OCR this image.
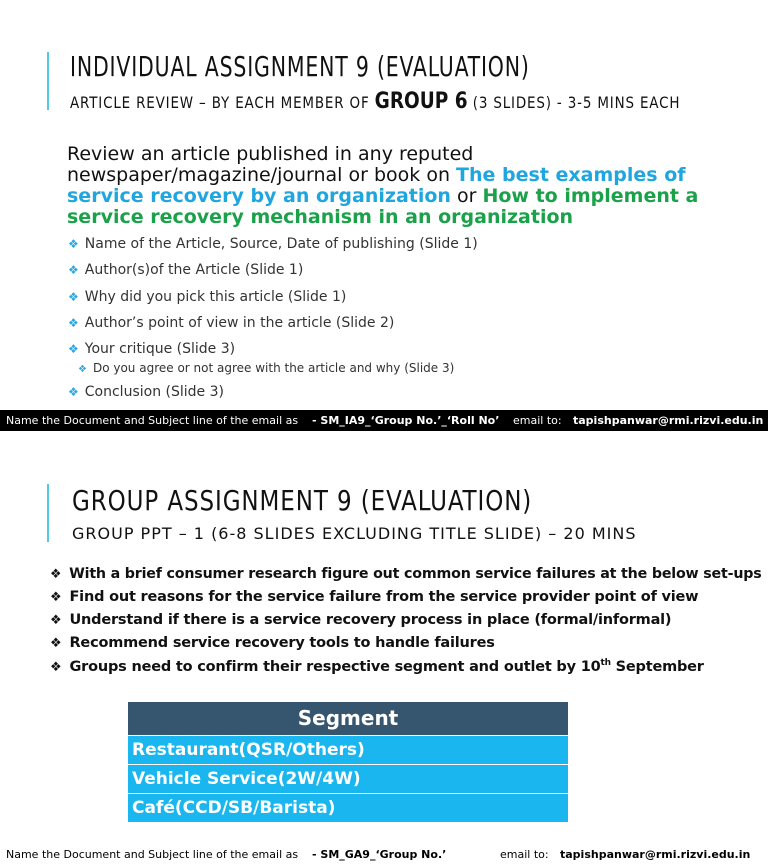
INDIVIDUAL ASSIGNMENT 9 (EVALUATION)
ARTICLE REVIEW – BY EACH MEMBER OF GROUP 6 (3 SLIDES) - 3-5 MINS EACH
Review an article published in any reputed newspaper/magazine/journal or book on The best examples of service recovery by an organization or How to implement a service recovery mechanism in an organization
❖ Name of the Article, Source, Date of publishing (Slide 1)
❖ Author(s)of the Article (Slide 1)
❖ Why did you pick this article (Slide 1)
❖ Author’s point of view in the article (Slide 2)
❖ Your critique (Slide 3)
❖ Do you agree or not agree with the article and why (Slide 3)
❖ Conclusion (Slide 3)
Name the Document and Subject line of the email as - SM_IA9_‘Group No.’_‘Roll No’ email to: tapishpanwar@rmi.rizvi.edu.in
GROUP ASSIGNMENT 9 (EVALUATION)
GROUP PPT – 1 (6-8 SLIDES EXCLUDING TITLE SLIDE) – 20 MINS
❖ With a brief consumer research figure out common service failures at the below set-ups
❖ Find out reasons for the service failure from the service provider point of view
❖ Understand if there is a service recovery process in place (formal/informal)
❖ Recommend service recovery tools to handle failures
❖ Groups need to confirm their respective segment and outlet by 10th September
Segment
Restaurant(QSR/Others)
Vehicle Service(2W/4W)
Café(CCD/SB/Barista)
Name the Document and Subject line of the email as - SM_GA9_‘Group No.’	email to: tapishpanwar@rmi.rizvi.edu.in
